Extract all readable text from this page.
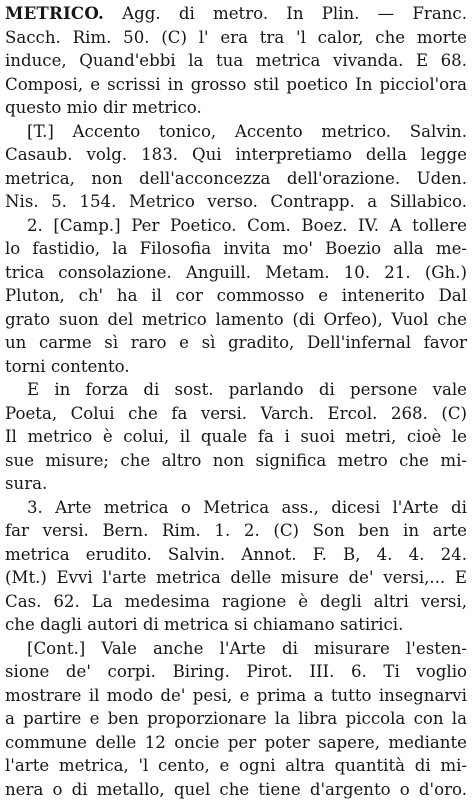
METRICO. Agg. di metro. In Plin. — Franc.
Sacch. Rim. 50. (C) l' era tra 'l calor, che morte
induce, Quand'ebbi la tua metrica vivanda. E 68.
Composi, e scrissi in grosso stil poetico In picciol'ora
questo mio dir metrico.
[T.] Accento tonico, Accento metrico. Salvin.
Casaub. volg. 183. Qui interpretiamo della legge
metrica, non dell'acconcezza dell'orazione. Uden.
Nis. 5. 154. Metrico verso. Contrapp. a Sillabico.
2. [Camp.] Per Poetico. Com. Boez. IV. A tollere
lo fastidio, la Filosofia invita mo' Boezio alla me-
trica consolazione. Anguill. Metam. 10. 21. (Gh.)
Pluton, ch' ha il cor commosso e intenerito Dal
grato suon del metrico lamento (di Orfeo), Vuol che
un carme sì raro e sì gradito, Dell'infernal favor
torni contento.
E in forza di sost. parlando di persone vale
Poeta, Colui che fa versi. Varch. Ercol. 268. (C)
Il metrico è colui, il quale fa i suoi metri, cioè le
sue misure; che altro non significa metro che mi-
sura.
3. Arte metrica o Metrica ass., dicesi l'Arte di
far versi. Bern. Rim. 1. 2. (C) Son ben in arte
metrica erudito. Salvin. Annot. F. B, 4. 4. 24.
(Mt.) Evvi l'arte metrica delle misure de' versi,... E
Cas. 62. La medesima ragione è degli altri versi,
che dagli autori di metrica si chiamano satirici.
[Cont.] Vale anche l'Arte di misurare l'esten-
sione de' corpi. Biring. Pirot. III. 6. Ti voglio
mostrare il modo de' pesi, e prima a tutto insegnarvi
a partire e ben proporzionare la libra piccola con la
commune delle 12 oncie per poter sapere, mediante
l'arte metrica, 'l cento, e ogni altra quantità di mi-
nera o di metallo, quel che tiene d'argento o d'oro.
